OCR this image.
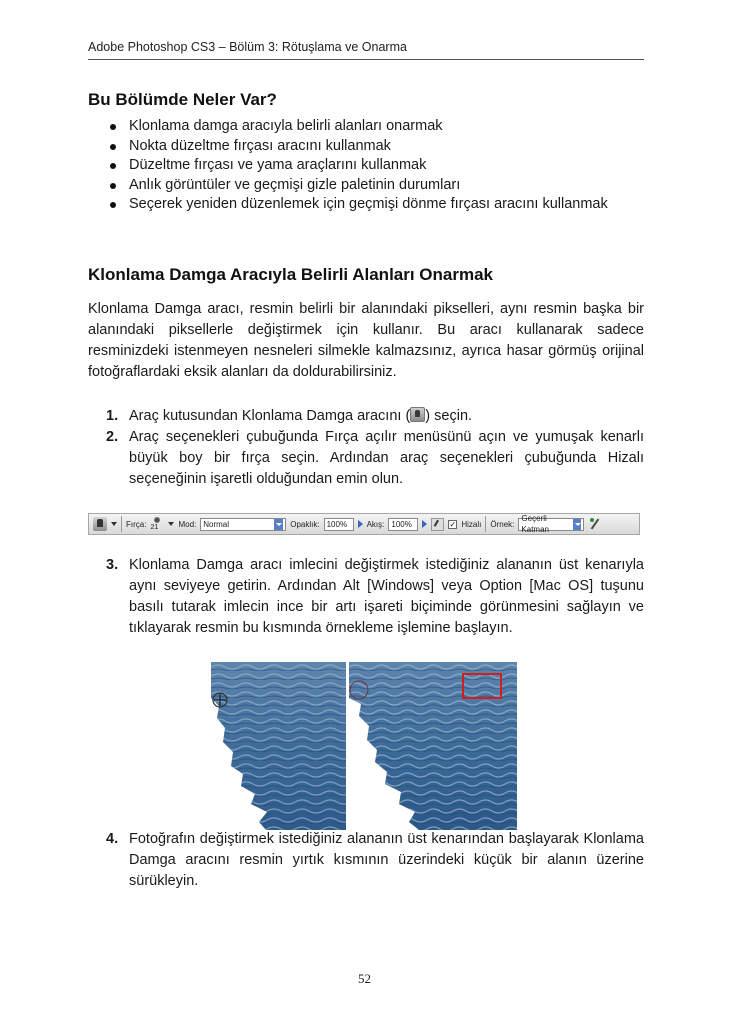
Adobe Photoshop CS3 – Bölüm 3: Rötuşlama ve Onarma
Bu Bölümde Neler Var?
Klonlama damga aracıyla belirli alanları onarmak
Nokta düzeltme fırçası aracını kullanmak
Düzeltme fırçası ve yama araçlarını kullanmak
Anlık görüntüler ve geçmişi gizle paletinin durumları
Seçerek yeniden düzenlemek için geçmişi dönme fırçası aracını kullanmak
Klonlama Damga Aracıyla Belirli Alanları Onarmak

Klonlama Damga aracı, resmin belirli bir alanındaki pikselleri, aynı resmin başka bir alanındaki piksellerle değiştirmek için kullanır. Bu aracı kullanarak sadece resminizdeki istenmeyen nesneleri silmekle kalmazsınız, ayrıca hasar görmüş orijinal fotoğraflardaki eksik alanları da doldurabilirsiniz.

1. Araç kutusundan Klonlama Damga aracını ( ) seçin.
2. Araç seçenekleri çubuğunda Fırça açılır menüsünü açın ve yumuşak kenarlı büyük boy bir fırça seçin. Ardından araç seçenekleri çubuğunda Hizalı seçeneğinin işaretli olduğundan emin olun.
Fırça: 21	Mod: Normal	Opaklık: 100% Akış: 100%	✓ Hizalı Örnek:
Geçerli Katman
3. Klonlama Damga aracı imlecini değiştirmek istediğiniz alananın üst kenarıyla aynı seviyeye getirin. Ardından Alt [Windows] veya Option [Mac OS] tuşunu basılı tutarak imlecin ince bir artı işareti biçiminde görünmesini sağlayın ve tıklayarak resmin bu kısmında örnekleme işlemine başlayın.
4. Fotoğrafın değiştirmek istediğiniz alananın üst kenarından başlayarak Klonlama Damga aracını resmin yırtık kısmının üzerindeki küçük bir alanın üzerine sürükleyin.
52
